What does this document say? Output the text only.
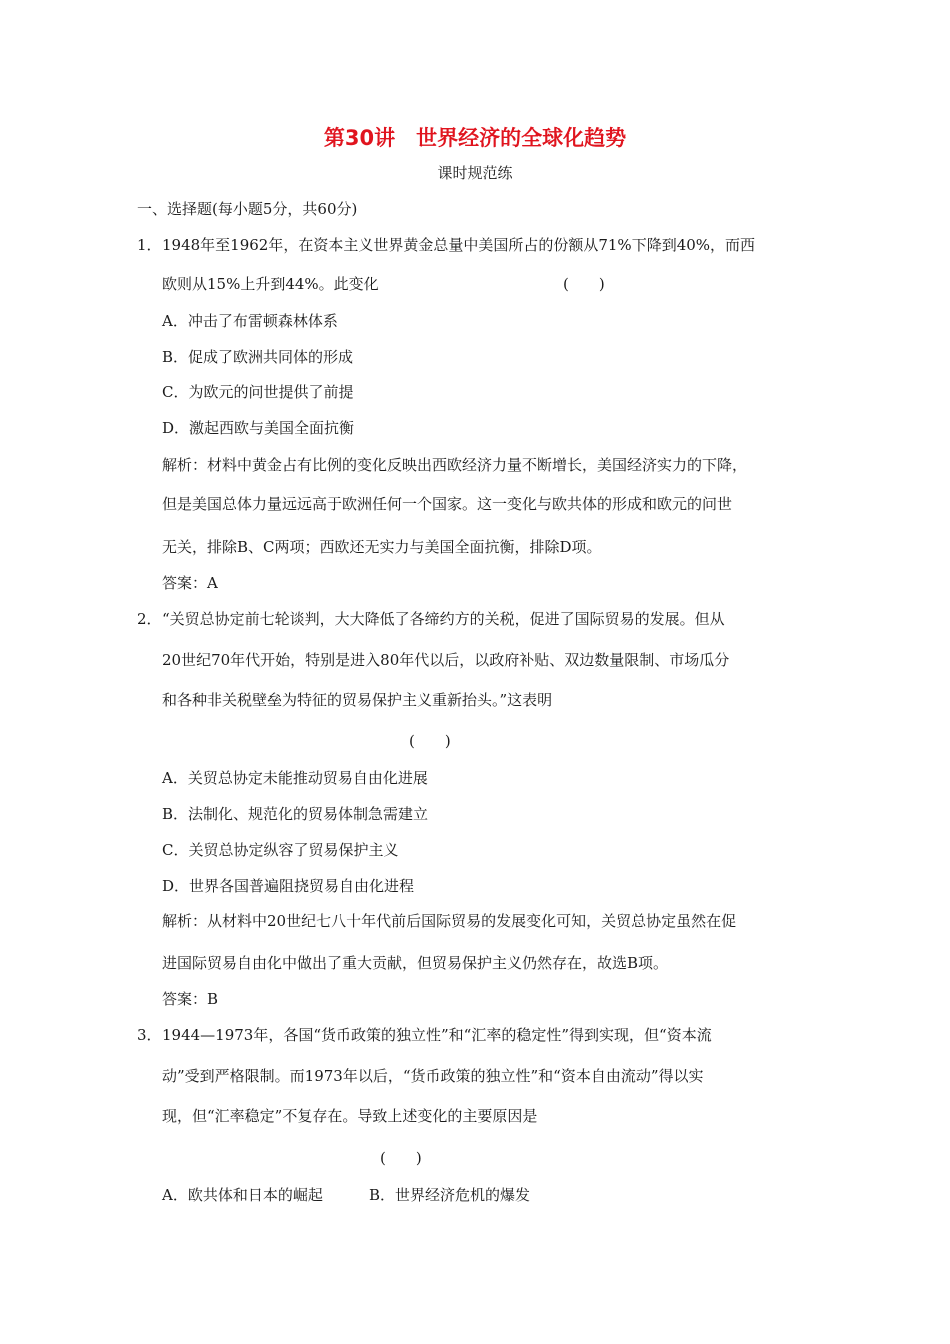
第30讲　世界经济的全球化趋势
课时规范练
一、选择题(每小题5分，共60分)
1． 1948年至1962年，在资本主义世界黄金总量中美国所占的份额从71%下降到40%，而西
欧则从15%上升到44%。此变化	(　　)
A．冲击了布雷顿森林体系
B．促成了欧洲共同体的形成
C．为欧元的问世提供了前提
D．激起西欧与美国全面抗衡
解析：材料中黄金占有比例的变化反映出西欧经济力量不断增长，美国经济实力的下降，
但是美国总体力量远远高于欧洲任何一个国家。这一变化与欧共体的形成和欧元的问世
无关，排除B、C两项；西欧还无实力与美国全面抗衡，排除D项。
答案：A
2． “关贸总协定前七轮谈判，大大降低了各缔约方的关税，促进了国际贸易的发展。但从
20世纪70年代开始，特别是进入80年代以后，以政府补贴、双边数量限制、市场瓜分
和各种非关税壁垒为特征的贸易保护主义重新抬头。”这表明
(　　)
A．关贸总协定未能推动贸易自由化进展
B．法制化、规范化的贸易体制急需建立
C．关贸总协定纵容了贸易保护主义
D．世界各国普遍阻挠贸易自由化进程
解析：从材料中20世纪七八十年代前后国际贸易的发展变化可知，关贸总协定虽然在促
进国际贸易自由化中做出了重大贡献，但贸易保护主义仍然存在，故选B项。
答案：B
3． 1944—1973年，各国“货币政策的独立性”和“汇率的稳定性”得到实现，但“资本流
动”受到严格限制。而1973年以后，“货币政策的独立性”和“资本自由流动”得以实
现，但“汇率稳定”不复存在。导致上述变化的主要原因是
(　　)
A．欧共体和日本的崛起	B．世界经济危机的爆发
